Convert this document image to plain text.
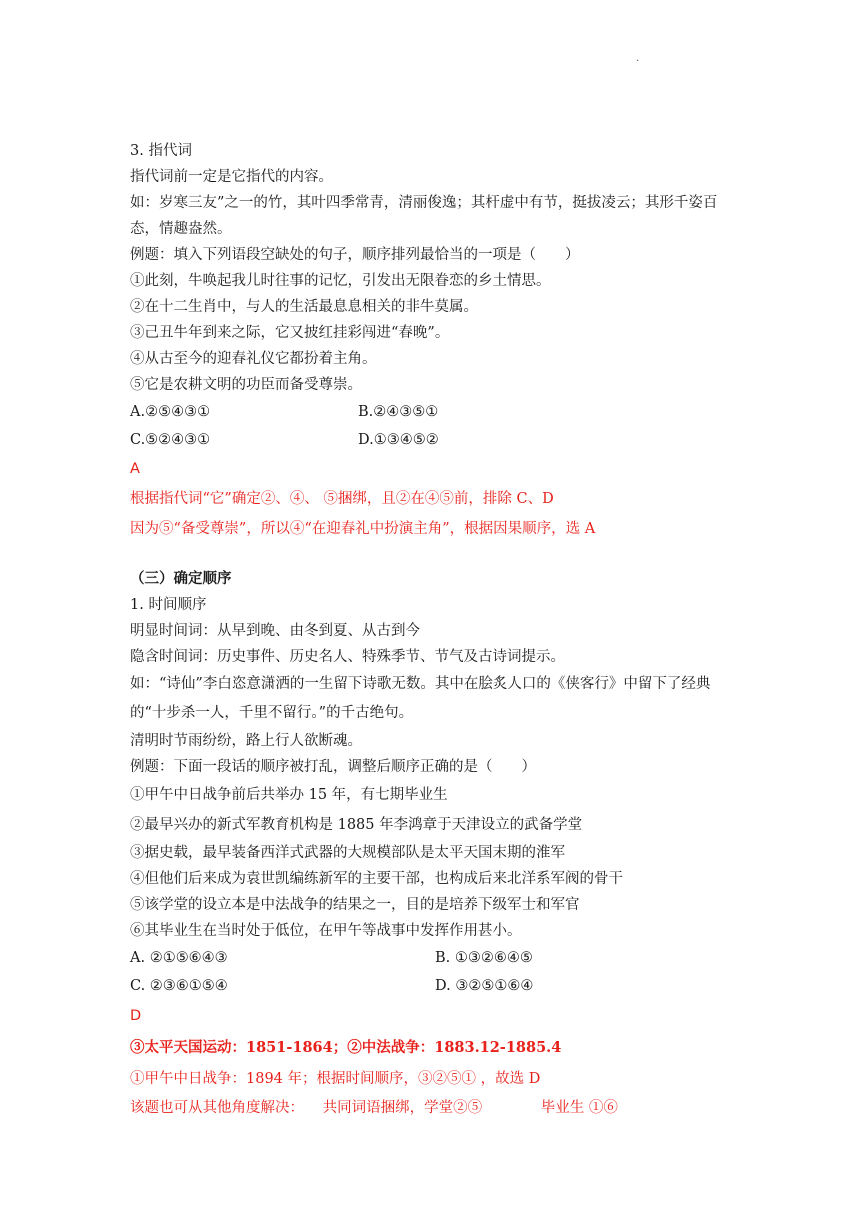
·
3. 指代词
指代词前一定是它指代的内容。
如：岁寒三友”之一的竹，其叶四季常青，清丽俊逸；其杆虚中有节，挺拔凌云；其形千姿百态，情趣盎然。
例题：填入下列语段空缺处的句子，顺序排列最恰当的一项是（　　）
①此刻，牛唤起我儿时往事的记忆，引发出无限眷恋的乡土情思。
②在十二生肖中，与人的生活最息息相关的非牛莫属。
③己丑牛年到来之际，它又披红挂彩闯进“春晚”。
④从古至今的迎春礼仪它都扮着主角。
⑤它是农耕文明的功臣而备受尊崇。
A.②⑤④③①	B.②④③⑤①
C.⑤②④③①	D.①③④⑤②
A
根据指代词“它”确定②、④、 ⑤捆绑，且②在④⑤前，排除 C、D
因为⑤“备受尊崇”，所以④“在迎春礼中扮演主角”，根据因果顺序，选 A
（三）确定顺序
1. 时间顺序
明显时间词：从早到晚、由冬到夏、从古到今
隐含时间词：历史事件、历史名人、特殊季节、节气及古诗词提示。
如：“诗仙”李白恣意潇洒的一生留下诗歌无数。其中在脍炙人口的《侠客行》中留下了经典的“十步杀一人，千里不留行。”的千古绝句。
清明时节雨纷纷，路上行人欲断魂。
例题：下面一段话的顺序被打乱，调整后顺序正确的是（　　）
①甲午中日战争前后共举办 15 年，有七期毕业生
②最早兴办的新式军教育机构是 1885 年李鸿章于天津设立的武备学堂
③据史载，最早装备西洋式武器的大规模部队是太平天国末期的淮军
④但他们后来成为袁世凯编练新军的主要干部，也构成后来北洋系军阀的骨干
⑤该学堂的设立本是中法战争的结果之一，目的是培养下级军士和军官
⑥其毕业生在当时处于低位，在甲午等战事中发挥作用甚小。
A. ②①⑤⑥④③	B. ①③②⑥④⑤
C. ②③⑥①⑤④	D. ③②⑤①⑥④
D
③太平天国运动：1851-1864；②中法战争：1883.12-1885.4
①甲午中日战争：1894 年；根据时间顺序，③②⑤① ，故选 D
该题也可从其他角度解决： 共同词语捆绑，学堂②⑤	毕业生 ①⑥
